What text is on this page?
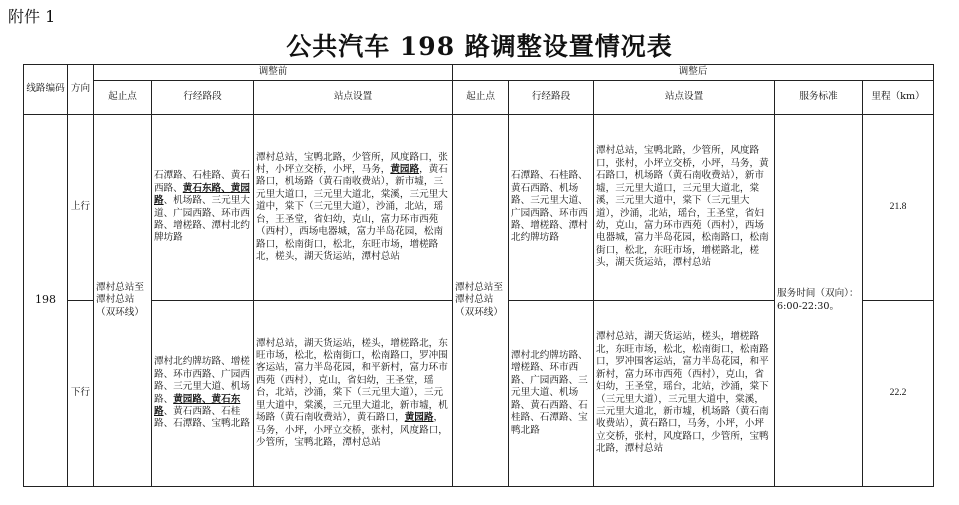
附件 1
公共汽车 198 路调整设置情况表
线路编码	方向	调整前			调整后				
		起止点	行经路段	站点设置	起止点	行经路段	站点设置	服务标准	里程（km）
198	上行	潭村总站至潭村总站（双环线）	石潭路、石桂路、黄石西路、黄石东路、黄园路、机场路、三元里大道、广园西路、环市西路、增槎路、潭村北约牌坊路	潭村总站，宝鸭北路，少管所，风度路口，张村，小坪立交桥，小坪，马务，黄园路，黄石路口，机场路（黄石南收费站），新市墟，三元里大道口，三元里大道北，棠溪，三元里大道中，棠下（三元里大道），沙涌，北站，瑶台，王圣堂，省妇幼，克山，富力环市西苑（西村），西场电器城，富力半岛花园，松南路口，松南街口，松北，东旺市场，增槎路北，槎头，湖天货运站，潭村总站	潭村总站至潭村总站（双环线）	石潭路、石桂路、黄石西路、机场路、三元里大道、广园西路、环市西路、增槎路、潭村北约牌坊路	潭村总站，宝鸭北路，少管所，风度路口，张村，小坪立交桥，小坪，马务，黄石路口，机场路（黄石南收费站），新市墟，三元里大道口，三元里大道北，棠溪，三元里大道中，棠下（三元里大道），沙涌，北站，瑶台，王圣堂，省妇幼，克山，富力环市西苑（西村），西场电器城，富力半岛花园，松南路口，松南街口，松北，东旺市场，增槎路北，槎头，湖天货运站，潭村总站	服务时间（双向）：6:00-22:30。	21.8
	下行		潭村北约牌坊路、增槎路、环市西路、广园西路、三元里大道、机场路、黄园路、黄石东路、黄石西路、石桂路、石潭路、宝鸭北路	潭村总站，湖天货运站，槎头，增槎路北，东旺市场，松北，松南街口，松南路口，罗冲围客运站，富力半岛花园，和平新村，富力环市西苑（西村），克山，省妇幼，王圣堂，瑶台，北站，沙涌，棠下（三元里大道），三元里大道中，棠溪，三元里大道北，新市墟，机场路（黄石南收费站），黄石路口，黄园路，马务，小坪，小坪立交桥，张村，风度路口，少管所，宝鸭北路，潭村总站		潭村北约牌坊路、增槎路、环市西路、广园西路、三元里大道、机场路、黄石西路、石桂路、石潭路、宝鸭北路	潭村总站，湖天货运站，槎头，增槎路北，东旺市场，松北，松南街口，松南路口，罗冲围客运站，富力半岛花园，和平新村，富力环市西苑（西村），克山，省妇幼，王圣堂，瑶台，北站，沙涌，棠下（三元里大道），三元里大道中，棠溪，三元里大道北，新市墟，机场路（黄石南收费站），黄石路口，马务，小坪，小坪立交桥，张村，风度路口，少管所，宝鸭北路，潭村总站		22.2
